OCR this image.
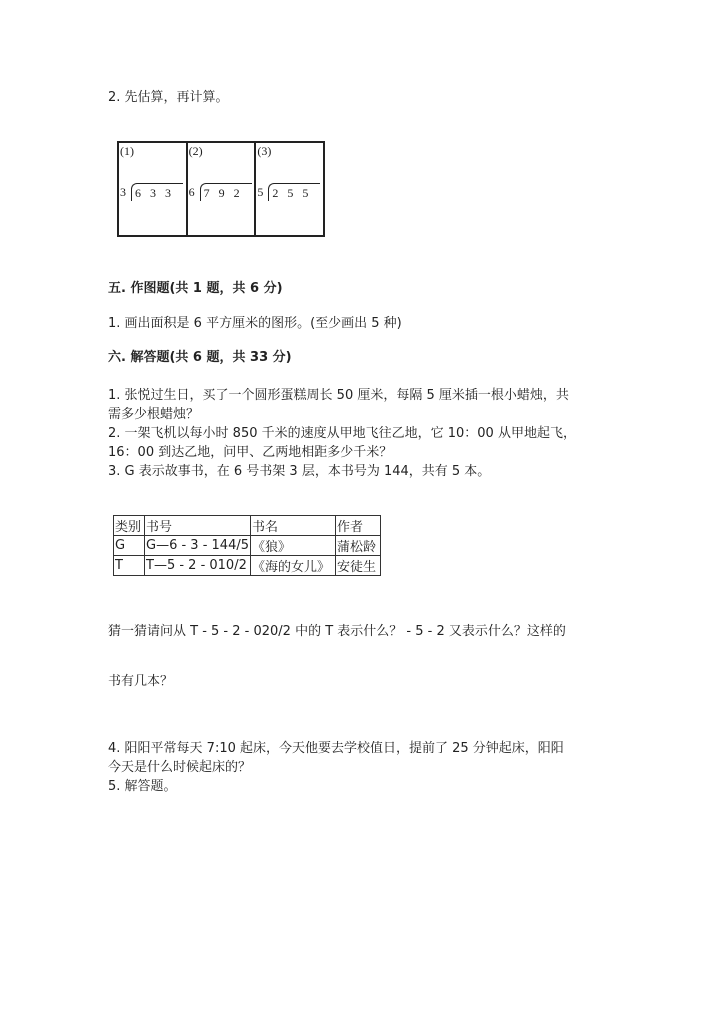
2. 先估算，再计算。
(1)
3 633
(2)
6 792
(3)
5 255
五. 作图题(共 1 题，共 6 分)
1. 画出面积是 6 平方厘米的图形。(至少画出 5 种)
六. 解答题(共 6 题，共 33 分)
1. 张悦过生日，买了一个圆形蛋糕周长 50 厘米，每隔 5 厘米插一根小蜡烛，共
需多少根蜡烛？
2. 一架飞机以每小时 850 千米的速度从甲地飞往乙地，它 10：00 从甲地起飞，
16：00 到达乙地，问甲、乙两地相距多少千米？
3. G 表示故事书，在 6 号书架 3 层，本书号为 144，共有 5 本。
类别	书号	书名	作者
G	G—6 - 3 - 144/5	《狼》	蒲松龄
T	T—5 - 2 - 010/2	《海的女儿》	安徒生
猜一猜请问从 T - 5 - 2 - 020/2 中的 T 表示什么？ - 5 - 2 又表示什么？这样的
书有几本？
4. 阳阳平常每天 7:10 起床，今天他要去学校值日，提前了 25 分钟起床，阳阳
今天是什么时候起床的？
5. 解答题。
